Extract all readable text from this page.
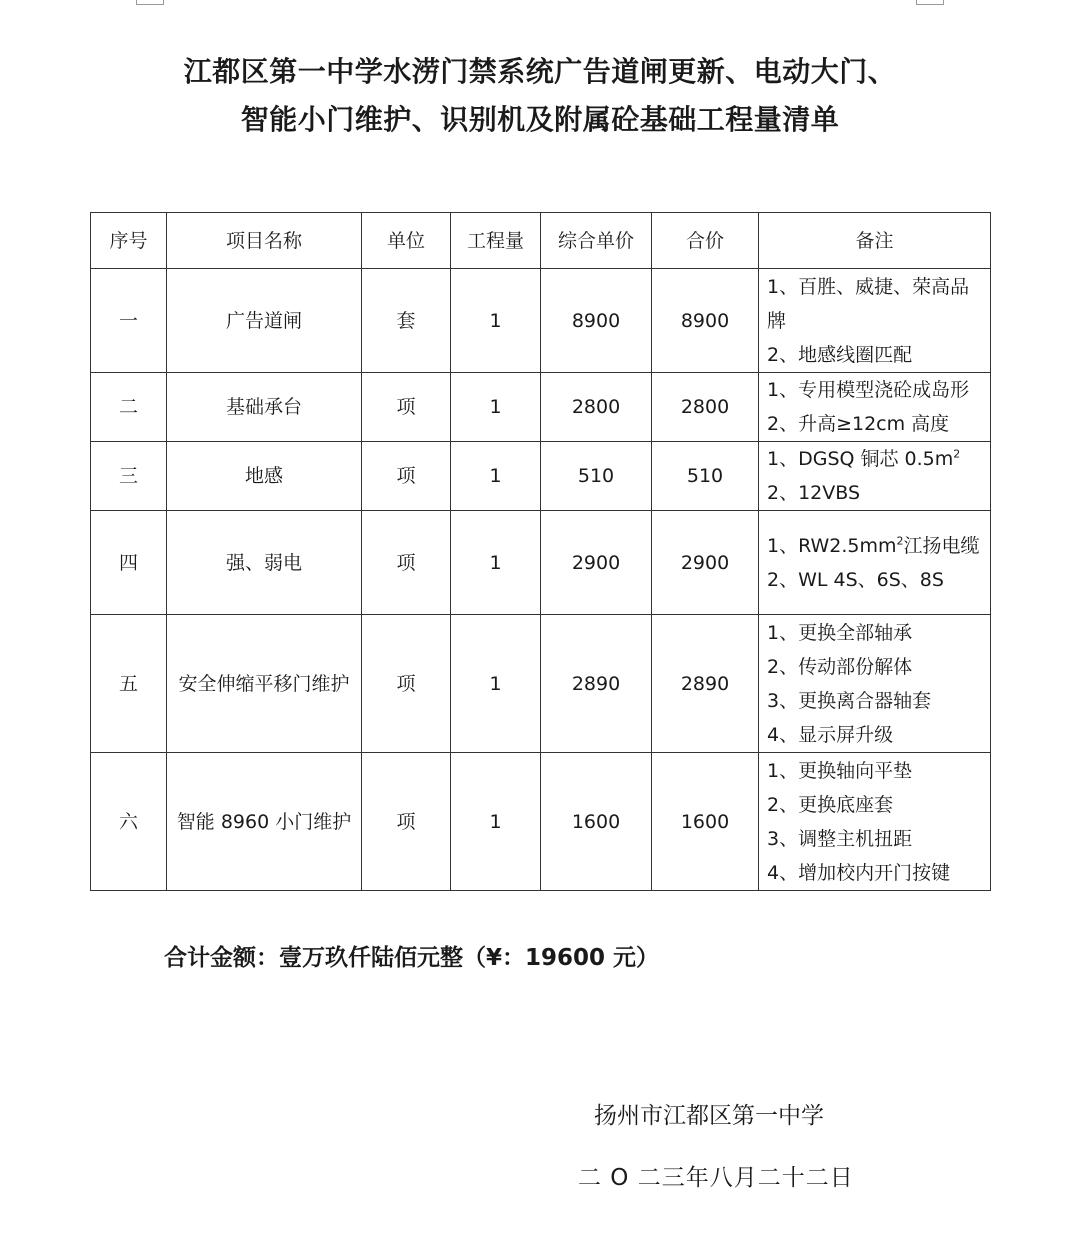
江都区第一中学水涝门禁系统广告道闸更新、电动大门、
智能小门维护、识别机及附属砼基础工程量清单
序号	项目名称	单位	工程量	综合单价	合价	备注
一	广告道闸	套	1	8900	8900	1、百胜、威捷、荣高品牌
2、地感线圈匹配

二	基础承台	项	1	2800	2800	1、专用模型浇砼成岛形
2、升高≥12cm 高度

三	地感	项	1	510	510	1、DGSQ 铜芯 $0.5m^2$
2、12VBS

四	强、弱电	项	1	2900	2900	1、$RW2.5mm^2$江扬电缆
2、WL 4S、6S、8S

五	安全伸缩平移门维护	项	1	2890	2890	1、更换全部轴承
2、传动部份解体
3、更换离合器轴套
4、显示屏升级

六	智能 8960 小门维护	项	1	1600	1600	1、更换轴向平垫
2、更换底座套
3、调整主机扭距
4、增加校内开门按键
合计金额：壹万玖仟陆佰元整（¥：19600 元）
扬州市江都区第一中学
二 O 二三年八月二十二日
